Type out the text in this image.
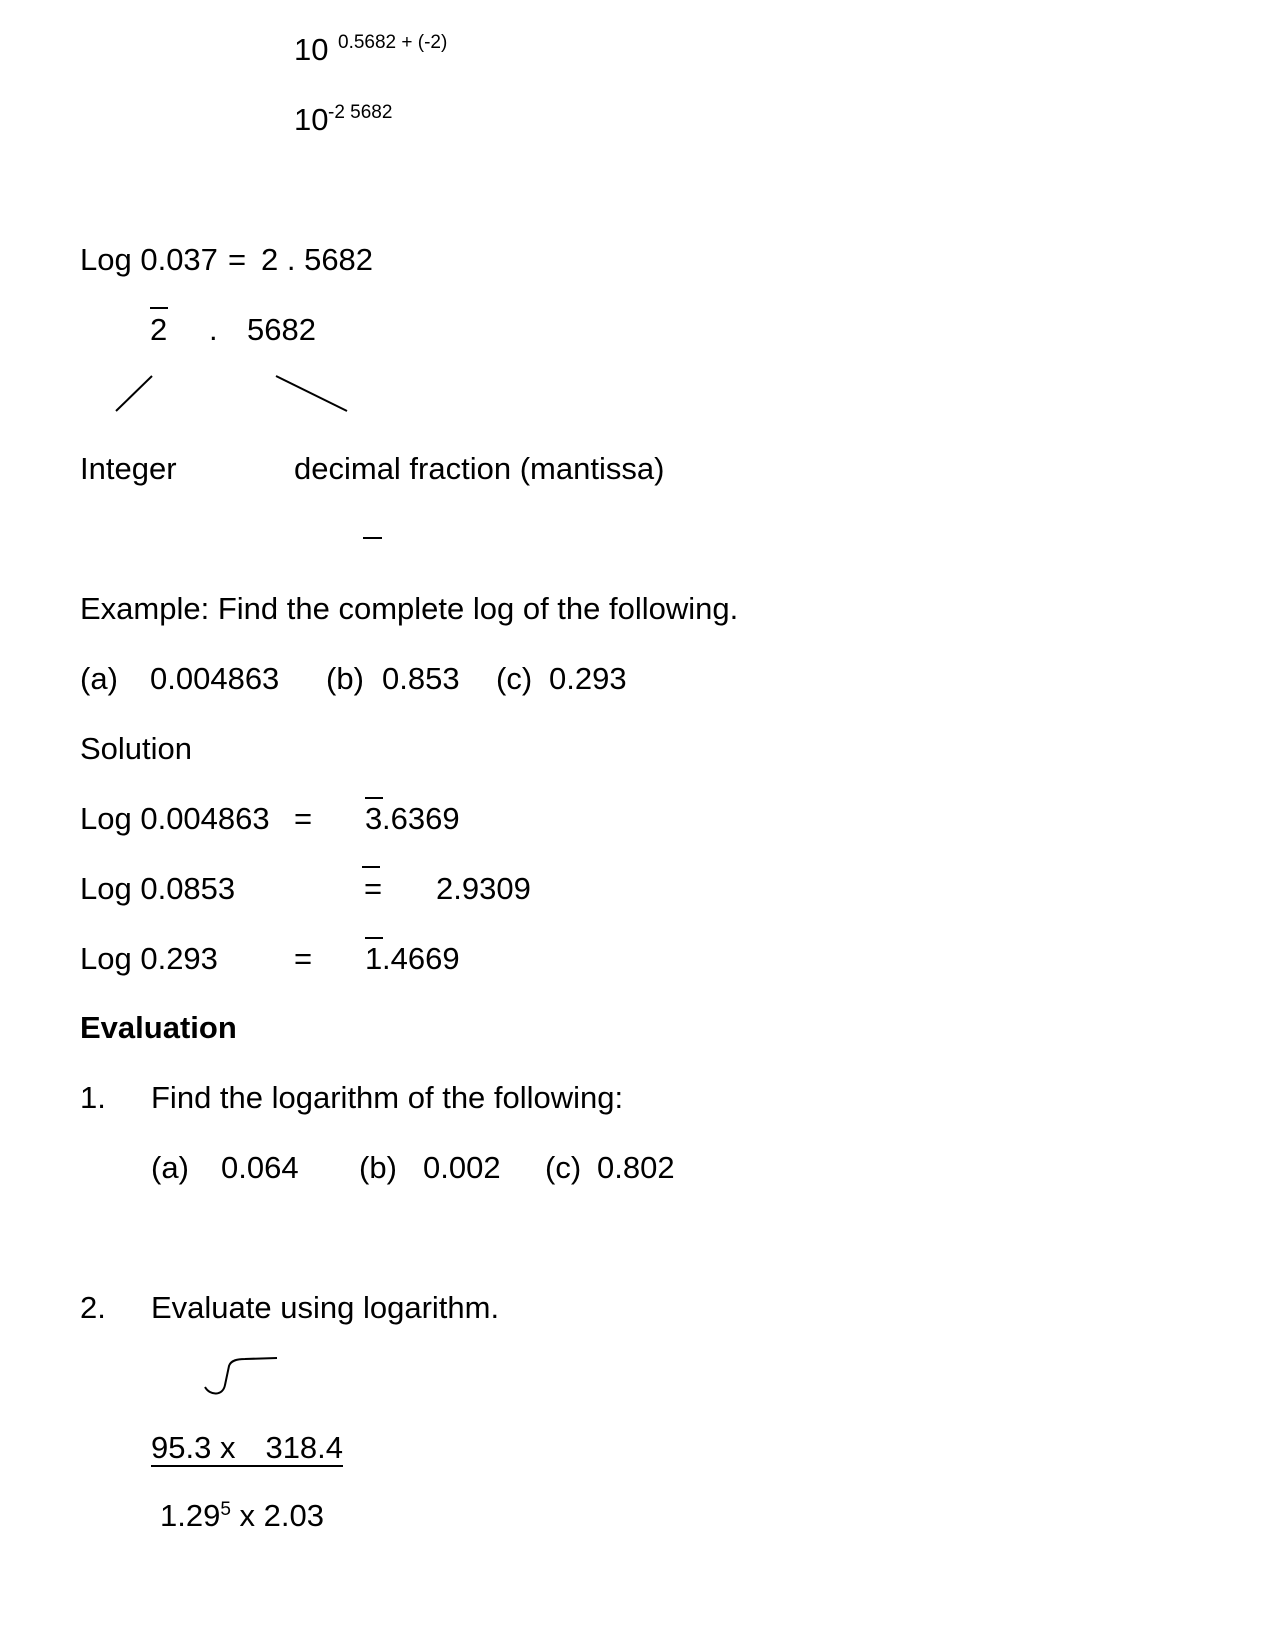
10 0.5682 + (-2)
10 -2 5682
Log 0.037 = 2 . 5682
2 . 5682
Integer	decimal fraction (mantissa)
Example: Find the complete log of the following.
(a) 0.004863 (b) 0.853 (c) 0.293
Solution
Log 0.004863 = 3 .6369
Log 0.0853	= 2.9309
Log 0.293 = 1 .4669
Evaluation
1. Find the logarithm of the following:
(a) 0.064 (b) 0.002 (c) 0.802
2. Evaluate using logarithm.
95.3 x 318.4
1.29$^5$ x 2.03
